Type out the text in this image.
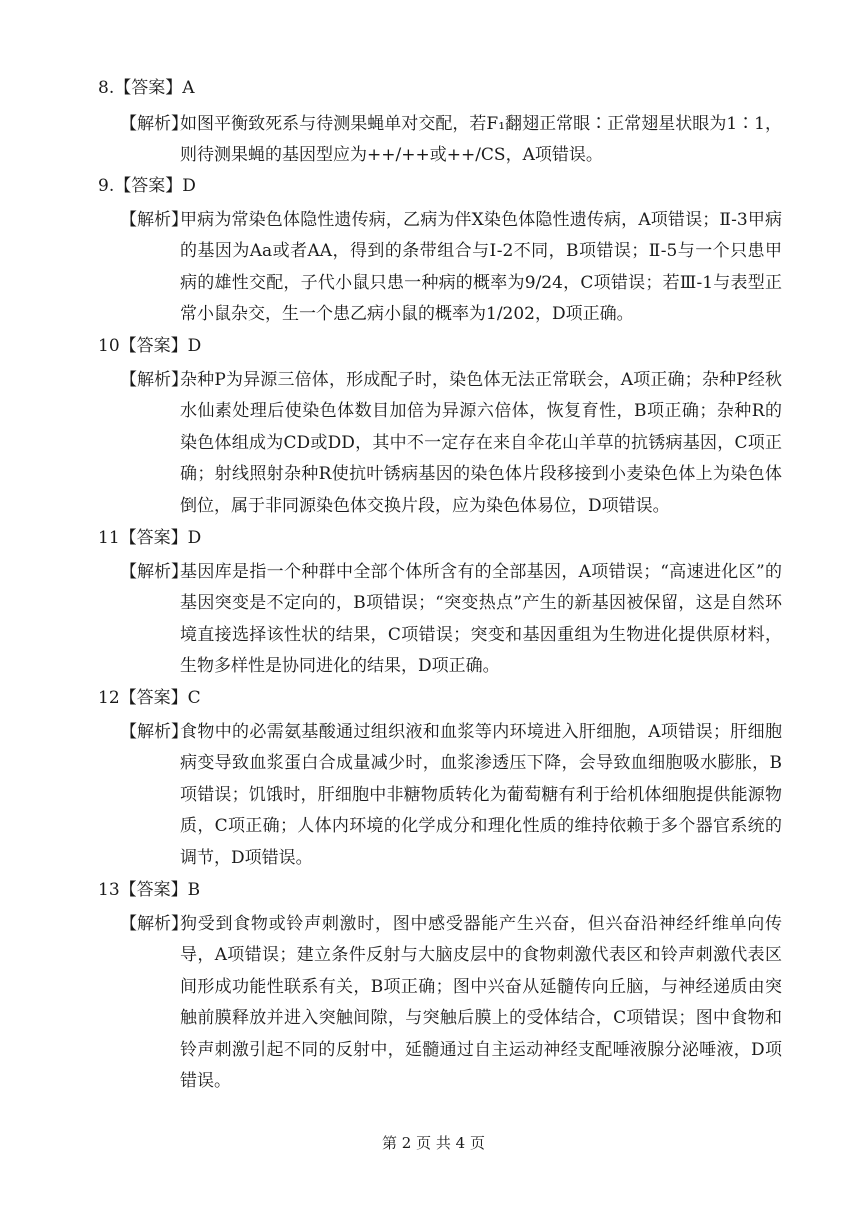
8.【答案】A
【解析】
如图平衡致死系与待测果蝇单对交配，若F₁翻翅正常眼∶正常翅星状眼为1∶1，则待测果蝇的基因型应为++/++或++/CS，A项错误。
9.【答案】D
【解析】
甲病为常染色体隐性遗传病，乙病为伴X染色体隐性遗传病，A项错误；Ⅱ-3甲病的基因为Aa或者AA，得到的条带组合与Ⅰ-2不同，B项错误；Ⅱ-5与一个只患甲病的雄性交配，子代小鼠只患一种病的概率为9/24，C项错误；若Ⅲ-1与表型正常小鼠杂交，生一个患乙病小鼠的概率为1/202，D项正确。
10【答案】D
【解析】
杂种P为异源三倍体，形成配子时，染色体无法正常联会，A项正确；杂种P经秋水仙素处理后使染色体数目加倍为异源六倍体，恢复育性，B项正确；杂种R的染色体组成为CD或DD，其中不一定存在来自伞花山羊草的抗锈病基因，C项正确；射线照射杂种R使抗叶锈病基因的染色体片段移接到小麦染色体上为染色体倒位，属于非同源染色体交换片段，应为染色体易位，D项错误。
11【答案】D
【解析】
基因库是指一个种群中全部个体所含有的全部基因，A项错误；“高速进化区”的基因突变是不定向的，B项错误；“突变热点”产生的新基因被保留，这是自然环境直接选择该性状的结果，C项错误；突变和基因重组为生物进化提供原材料，生物多样性是协同进化的结果，D项正确。
12【答案】C
【解析】
食物中的必需氨基酸通过组织液和血浆等内环境进入肝细胞，A项错误；肝细胞病变导致血浆蛋白合成量减少时，血浆渗透压下降，会导致血细胞吸水膨胀，B项错误；饥饿时，肝细胞中非糖物质转化为葡萄糖有利于给机体细胞提供能源物质，C项正确；人体内环境的化学成分和理化性质的维持依赖于多个器官系统的调节，D项错误。
13【答案】B
【解析】
狗受到食物或铃声刺激时，图中感受器能产生兴奋，但兴奋沿神经纤维单向传导，A项错误；建立条件反射与大脑皮层中的食物刺激代表区和铃声刺激代表区间形成功能性联系有关，B项正确；图中兴奋从延髓传向丘脑，与神经递质由突触前膜释放并进入突触间隙，与突触后膜上的受体结合，C项错误；图中食物和铃声刺激引起不同的反射中，延髓通过自主运动神经支配唾液腺分泌唾液，D项错误。
第 2 页 共 4 页
